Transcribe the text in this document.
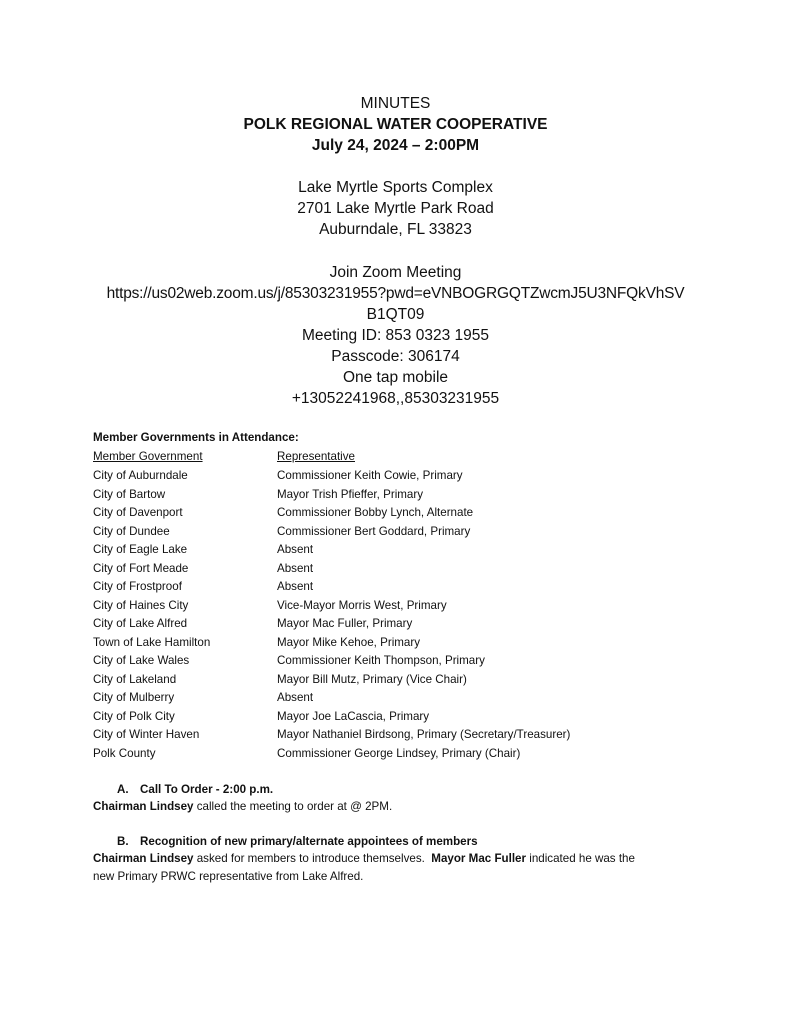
MINUTES
POLK REGIONAL WATER COOPERATIVE
July 24, 2024 – 2:00PM
Lake Myrtle Sports Complex
2701 Lake Myrtle Park Road
Auburndale, FL 33823
Join Zoom Meeting
https://us02web.zoom.us/j/85303231955?pwd=eVNBOGRGQTZwcmJ5U3NFQkVhSV
B1QT09
Meeting ID: 853 0323 1955
Passcode: 306174
One tap mobile
+13052241968,,85303231955
Member Governments in Attendance:
Member Government	Representative
City of Auburndale	Commissioner Keith Cowie, Primary
City of Bartow	Mayor Trish Pfieffer, Primary
City of Davenport	Commissioner Bobby Lynch, Alternate
City of Dundee	Commissioner Bert Goddard, Primary
City of Eagle Lake	Absent
City of Fort Meade	Absent
City of Frostproof	Absent
City of Haines City	Vice-Mayor Morris West, Primary
City of Lake Alfred	Mayor Mac Fuller, Primary
Town of Lake Hamilton	Mayor Mike Kehoe, Primary
City of Lake Wales	Commissioner Keith Thompson, Primary
City of Lakeland	Mayor Bill Mutz, Primary (Vice Chair)
City of Mulberry	Absent
City of Polk City	Mayor Joe LaCascia, Primary
City of Winter Haven	Mayor Nathaniel Birdsong, Primary (Secretary/Treasurer)
Polk County	Commissioner George Lindsey, Primary (Chair)
A. Call To Order - 2:00 p.m.
Chairman Lindsey called the meeting to order at @ 2PM.
B. Recognition of new primary/alternate appointees of members
Chairman Lindsey asked for members to introduce themselves.  Mayor Mac Fuller indicated he was the
new Primary PRWC representative from Lake Alfred.
